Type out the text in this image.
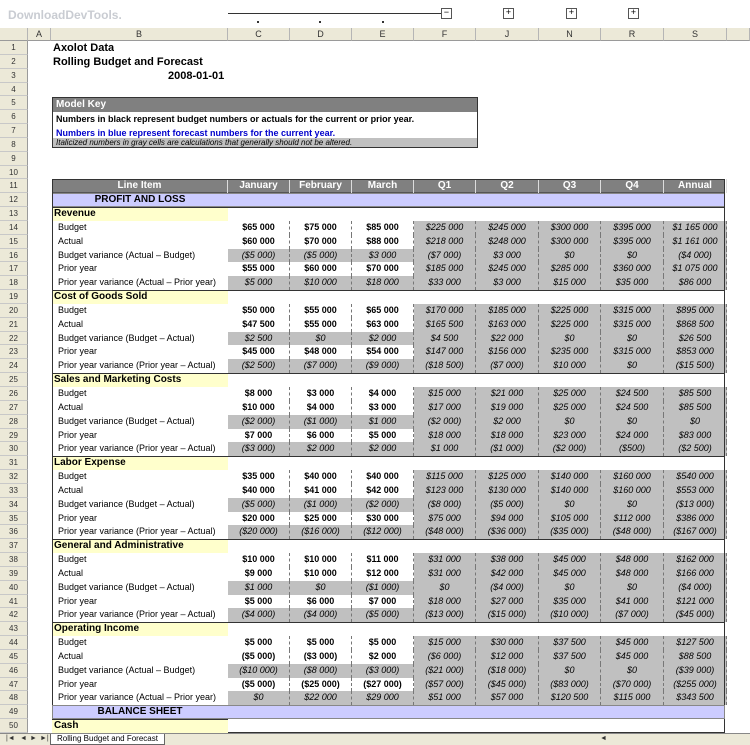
DownloadDevTools.	−	+	+	+
A	B	C	D	E	F	J	N	R	S
1
2
3
4
5
6
7
8
9
10
11
12
13
14
15
16
17
18
19
20
21
22
23
24
25
26
27
28
29
30
31
32
33
34
35
36
37
38
39
40
41
42
43
44
45
46
47
48
49
50
Axolot Data
Rolling Budget and Forecast
2008-01-01
Model Key
Numbers in black represent budget numbers or actuals for the current or prior year.
Numbers in blue represent forecast numbers for the current year.
Italicized numbers in gray cells are calculations that generally should not be altered.
Line Item	January	February	March	Q1	Q2	Q3	Q4	Annual
PROFIT AND LOSS
Revenue
Budget	$65 000	$75 000	$85 000	$225 000	$245 000	$300 000	$395 000	$1 165 000
Actual	$60 000	$70 000	$88 000	$218 000	$248 000	$300 000	$395 000	$1 161 000
Budget variance (Actual – Budget)	($5 000)	($5 000)	$3 000	($7 000)	$3 000	$0	$0	($4 000)
Prior year	$55 000	$60 000	$70 000	$185 000	$245 000	$285 000	$360 000	$1 075 000
Prior year variance (Actual – Prior year)	$5 000	$10 000	$18 000	$33 000	$3 000	$15 000	$35 000	$86 000
Cost of Goods Sold
Budget	$50 000	$55 000	$65 000	$170 000	$185 000	$225 000	$315 000	$895 000
Actual	$47 500	$55 000	$63 000	$165 500	$163 000	$225 000	$315 000	$868 500
Budget variance (Budget – Actual)	$2 500	$0	$2 000	$4 500	$22 000	$0	$0	$26 500
Prior year	$45 000	$48 000	$54 000	$147 000	$156 000	$235 000	$315 000	$853 000
Prior year variance (Prior year – Actual)	($2 500)	($7 000)	($9 000)	($18 500)	($7 000)	$10 000	$0	($15 500)
Sales and Marketing Costs
Budget	$8 000	$3 000	$4 000	$15 000	$21 000	$25 000	$24 500	$85 500
Actual	$10 000	$4 000	$3 000	$17 000	$19 000	$25 000	$24 500	$85 500
Budget variance (Budget – Actual)	($2 000)	($1 000)	$1 000	($2 000)	$2 000	$0	$0	$0
Prior year	$7 000	$6 000	$5 000	$18 000	$18 000	$23 000	$24 000	$83 000
Prior year variance (Prior year – Actual)	($3 000)	$2 000	$2 000	$1 000	($1 000)	($2 000)	($500)	($2 500)
Labor Expense
Budget	$35 000	$40 000	$40 000	$115 000	$125 000	$140 000	$160 000	$540 000
Actual	$40 000	$41 000	$42 000	$123 000	$130 000	$140 000	$160 000	$553 000
Budget variance (Budget – Actual)	($5 000)	($1 000)	($2 000)	($8 000)	($5 000)	$0	$0	($13 000)
Prior year	$20 000	$25 000	$30 000	$75 000	$94 000	$105 000	$112 000	$386 000
Prior year variance (Prior year – Actual)	($20 000)	($16 000)	($12 000)	($48 000)	($36 000)	($35 000)	($48 000)	($167 000)
General and Administrative
Budget	$10 000	$10 000	$11 000	$31 000	$38 000	$45 000	$48 000	$162 000
Actual	$9 000	$10 000	$12 000	$31 000	$42 000	$45 000	$48 000	$166 000
Budget variance (Budget – Actual)	$1 000	$0	($1 000)	$0	($4 000)	$0	$0	($4 000)
Prior year	$5 000	$6 000	$7 000	$18 000	$27 000	$35 000	$41 000	$121 000
Prior year variance (Prior year – Actual)	($4 000)	($4 000)	($5 000)	($13 000)	($15 000)	($10 000)	($7 000)	($45 000)
Operating Income
Budget	$5 000	$5 000	$5 000	$15 000	$30 000	$37 500	$45 000	$127 500
Actual	($5 000)	($3 000)	$2 000	($6 000)	$12 000	$37 500	$45 000	$88 500
Budget variance (Actual – Budget)	($10 000)	($8 000)	($3 000)	($21 000)	($18 000)	$0	$0	($39 000)
Prior year	($5 000)	($25 000)	($27 000)	($57 000)	($45 000)	($83 000)	($70 000)	($255 000)
Prior year variance (Actual – Prior year)	$0	$22 000	$29 000	$51 000	$57 000	$120 500	$115 000	$343 500
BALANCE SHEET
Cash
|◄ ◄ ► ►|	Rolling Budget and Forecast	◄
